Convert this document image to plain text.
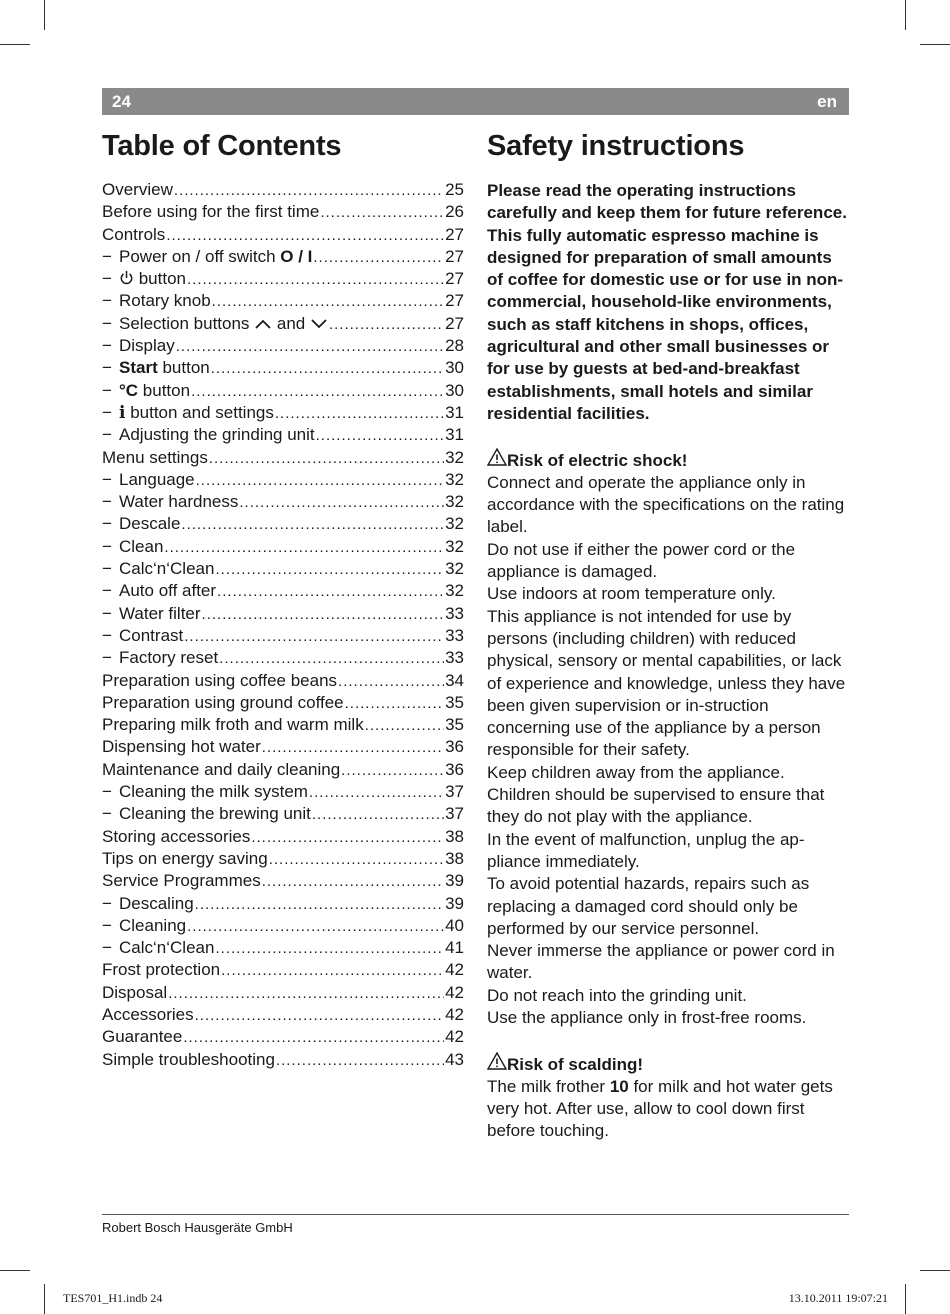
24	en
Table of Contents	Safety instructions
Overview .....	25
Before using for the first time .....	26
Controls .....	27
−Power on / off switch O / I .....	27
− button .....	27
−Rotary knob .....	27
−Selection buttons  and .....	27
−Display .....	28
−Start button .....	30
−°C button .....	30
−i button and settings .....	31
−Adjusting the grinding unit .....	31
Menu settings .....	32
−Language .....	32
−Water hardness .....	32
−Descale .....	32
−Clean .....	32
−Calc‘n‘Clean .....	32
−Auto off after .....	32
−Water filter .....	33
−Contrast .....	33
−Factory reset .....	33
Preparation using coffee beans .....	34
Preparation using ground coffee .....	35
Preparing milk froth and warm milk .....	35
Dispensing hot water .....	36
Maintenance and daily cleaning .....	36
−Cleaning the milk system .....	37
−Cleaning the brewing unit .....	37
Storing accessories .....	38
Tips on energy saving .....	38
Service Programmes .....	39
−Descaling .....	39
−Cleaning .....	40
−Calc‘n‘Clean .....	41
Frost protection .....	42
Disposal .....	42
Accessories .....	42
Guarantee .....	42
Simple troubleshooting .....	43

Please read the operating instructions carefully and keep them for future reference.

This fully automatic espresso machine is designed for preparation of small amounts of coffee for domestic use or for use in non-commercial, household-like environments, such as staff kitchens in shops, offices, agricultural and other small businesses or for use by guests at bed-and-breakfast establishments, small hotels and similar residential facilities.

Risk of electric shock!

Connect and operate the appliance only in accordance with the specifications on the rating label.

Do not use if either the power cord or the appliance is damaged.

Use indoors at room temperature only.

This appliance is not intended for use by persons (including children) with reduced physical, sensory or mental capabilities, or lack of experience and knowledge, unless they have been given supervision or in-struction concerning use of the appliance by a person responsible for their safety.

Keep children away from the appliance.

Children should be supervised to ensure that they do not play with the appliance.

In the event of malfunction, unplug the ap-pliance immediately.

To avoid potential hazards, repairs such as replacing a damaged cord should only be performed by our service personnel.

Never immerse the appliance or power cord in water.

Do not reach into the grinding unit.

Use the appliance only in frost-free rooms.

Risk of scalding!

The milk frother 10 for milk and hot water gets very hot. After use, allow to cool down first before touching.

Robert Bosch Hausgeräte GmbH
TES701_H1.indb 24	13.10.2011 19:07:21
